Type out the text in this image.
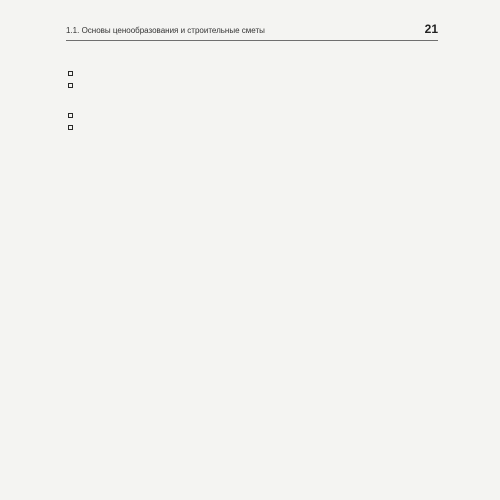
1.1. Основы ценообразования и строительные сметы	21
